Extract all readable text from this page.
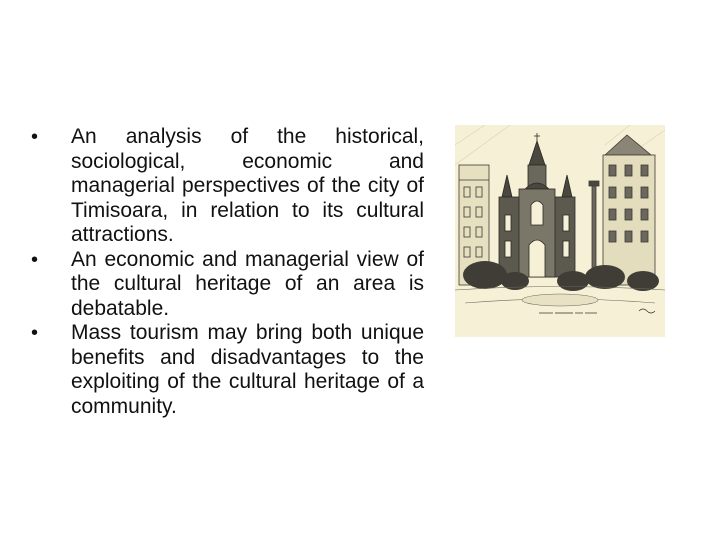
• An analysis of the historical, sociological, economic and managerial perspectives of the city of Timisoara, in relation to its cultural attractions.
• An economic and managerial view of the cultural heritage of an area is debatable.
• Mass tourism may bring both unique benefits and disadvantages to the exploiting of the cultural heritage of a community.
